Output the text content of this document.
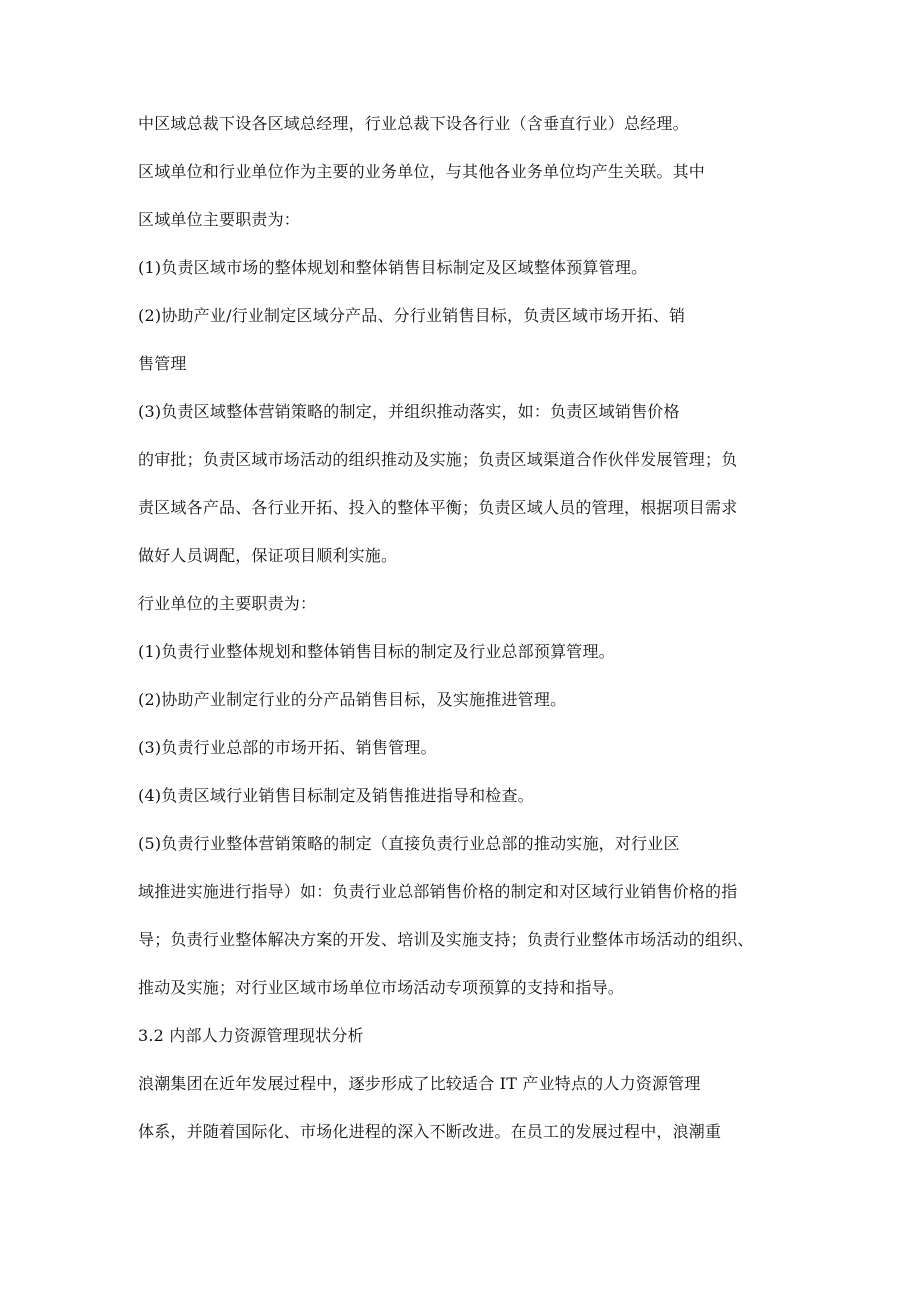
中区域总裁下设各区域总经理，行业总裁下设各行业（含垂直行业）总经理。
区域单位和行业单位作为主要的业务单位，与其他各业务单位均产生关联。其中
区域单位主要职责为：
(1)负责区域市场的整体规划和整体销售目标制定及区域整体预算管理。
(2)协助产业/行业制定区域分产品、分行业销售目标，负责区域市场开拓、销
售管理
(3)负责区域整体营销策略的制定，并组织推动落实，如：负责区域销售价格
的审批；负责区域市场活动的组织推动及实施；负责区域渠道合作伙伴发展管理；负
责区域各产品、各行业开拓、投入的整体平衡；负责区域人员的管理，根据项目需求
做好人员调配，保证项目顺利实施。
行业单位的主要职责为：
(1)负责行业整体规划和整体销售目标的制定及行业总部预算管理。
(2)协助产业制定行业的分产品销售目标，及实施推进管理。
(3)负责行业总部的市场开拓、销售管理。
(4)负责区域行业销售目标制定及销售推进指导和检查。
(5)负责行业整体营销策略的制定（直接负责行业总部的推动实施，对行业区
域推进实施进行指导）如：负责行业总部销售价格的制定和对区域行业销售价格的指
导；负责行业整体解决方案的开发、培训及实施支持；负责行业整体市场活动的组织、
推动及实施；对行业区域市场单位市场活动专项预算的支持和指导。
3.2 内部人力资源管理现状分析
浪潮集团在近年发展过程中，逐步形成了比较适合 IT 产业特点的人力资源管理
体系，并随着国际化、市场化进程的深入不断改进。在员工的发展过程中，浪潮重
